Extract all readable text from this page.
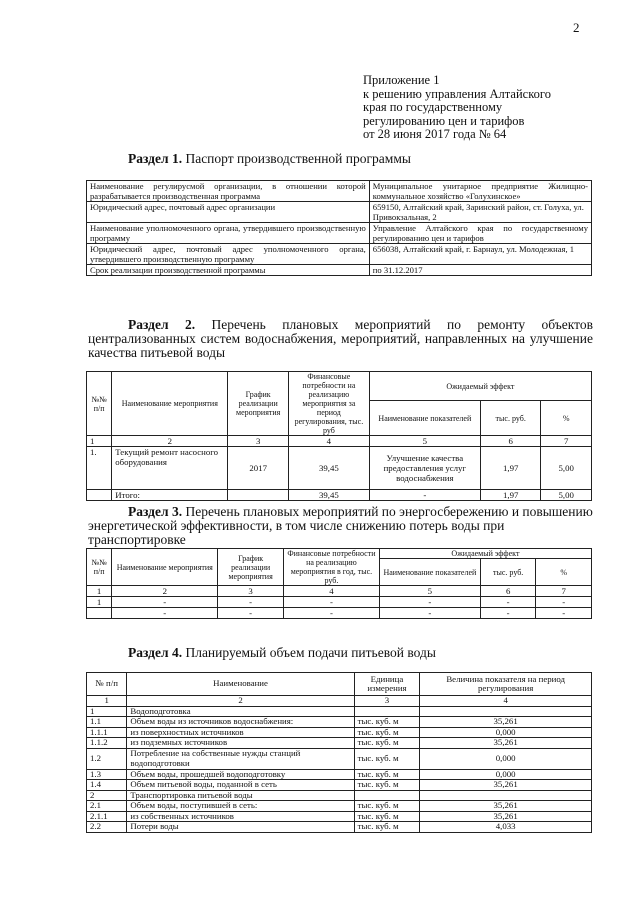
2
Приложение 1
к решению управления Алтайского
края по государственному
регулированию цен и тарифов
от 28 июня 2017 года № 64
Раздел 1. Паспорт производственной программы
Наименование регулирусмой организации, в отношении которой разрабатывается производственная программа	Муниципальное унитарное предприятие Жилищно-коммунальное хозяйство «Голухинское»
Юридический адрес, почтовый адрес организации	659150, Алтайский край, Заринский район, ст. Голуха, ул. Привокзальная, 2
Наименование уполномоченного органа, утвердившего производственную программу	Управление Алтайского края по государственному регулированию цен и тарифов
Юридический адрес, почтовый адрес уполномоченного органа, утвердившего производственную программу	656038, Алтайский край, г. Барнаул, ул. Молодежная, 1
Срок реализации производственной программы	по 31.12.2017
Раздел 2. Перечень плановых мероприятий по ремонту объектов централизованных систем водоснабжения, мероприятий, направленных на улучшение качества питьевой воды
№№ п/п	Наименование мероприятия	График реализации мероприятия	Финансовые потребности на реализацию мероприятия за период регулирования, тыс. руб	Ожидаемый эффект		
				Наименование показателей	тыс. руб.	%
1	2	3	4	5	6	7
1.	Текущий ремонт насосного оборудования	2017	39,45	Улучшение качества предоставления услуг водоснабжения	1,97	5,00
	Итого:		39,45	-	1,97	5,00
Раздел 3. Перечень плановых мероприятий по энергосбережению и повышению энергетической эффективности, в том числе снижению потерь воды при транспортировке
№№ п/п	Наименование мероприятия	График реализации мероприятия	Финансовые потребности на реализацию мероприятия в год, тыс. руб.	Ожидаемый эффект		
				Наименование показателей	тыс. руб.	%
1	2	3	4	5	6	7
1	-	-	-	-	-	-
	-	-	-	-	-	-
Раздел 4. Планируемый объем подачи питьевой воды
№ п/п	Наименование	Единица измерения	Величина показателя на период регулирования
1	2	3	4
1	Водоподготовка		
1.1	Объем воды из источников водоснабжения:	тыс. куб. м	35,261
1.1.1	из поверхностных источников	тыс. куб. м	0,000
1.1.2	из подземных источников	тыс. куб. м	35,261
1.2	Потребление на собственные нужды станций водоподготовки	тыс. куб. м	0,000
1.3	Объем воды, прошедшей водоподготовку	тыс. куб. м	0,000
1.4	Объем питьевой воды, поданной в сеть	тыс. куб. м	35,261
2	Транспортировка питьевой воды		
2.1	Объем воды, поступившей в сеть:	тыс. куб. м	35,261
2.1.1	из собственных источников	тыс. куб. м	35,261
2.2	Потери воды	тыс. куб. м	4,033
